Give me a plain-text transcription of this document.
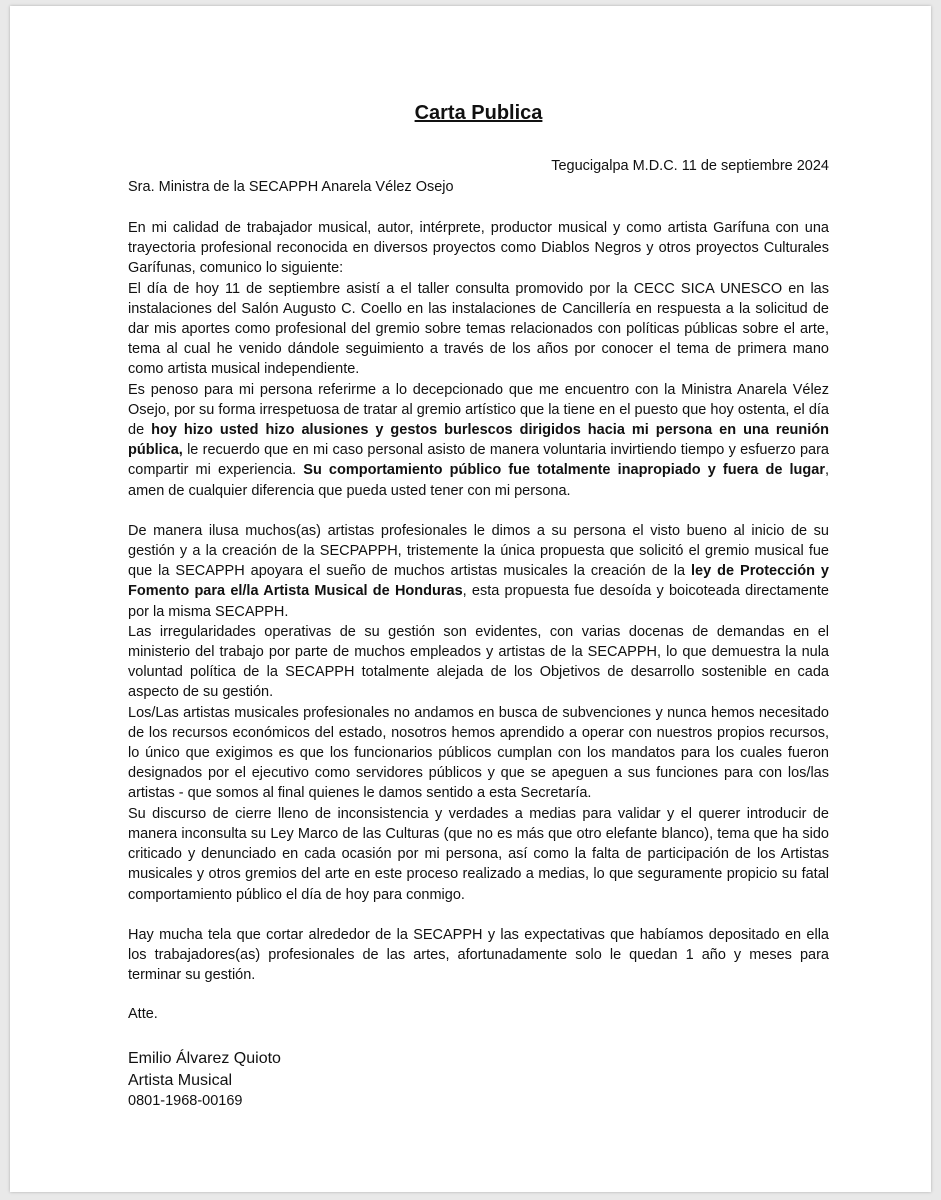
Carta Publica

Tegucigalpa M.D.C. 11 de septiembre 2024

Sra. Ministra de la SECAPPH Anarela Vélez Osejo

En mi calidad de trabajador musical, autor, intérprete, productor musical y como artista Garífuna con una trayectoria profesional reconocida en diversos proyectos como Diablos Negros y otros proyectos Culturales Garífunas, comunico lo siguiente:

El día de hoy 11 de septiembre asistí a el taller consulta promovido por la CECC SICA UNESCO en las instalaciones del Salón Augusto C. Coello en las instalaciones de Cancillería en respuesta a la solicitud de dar mis aportes como profesional del gremio sobre temas relacionados con políticas públicas sobre el arte, tema al cual he venido dándole seguimiento a través de los años por conocer el tema de primera mano como artista musical independiente.

Es penoso para mi persona referirme a lo decepcionado que me encuentro con la Ministra Anarela Vélez Osejo, por su forma irrespetuosa de tratar al gremio artístico que la tiene en el puesto que hoy ostenta, el día de hoy hizo usted hizo alusiones y gestos burlescos dirigidos hacia mi persona en una reunión pública, le recuerdo que en mi caso personal asisto de manera voluntaria invirtiendo tiempo y esfuerzo para compartir mi experiencia. Su comportamiento público fue totalmente inapropiado y fuera de lugar, amen de cualquier diferencia que pueda usted tener con mi persona.

De manera ilusa muchos(as) artistas profesionales le dimos a su persona el visto bueno al inicio de su gestión y a la creación de la SECPAPPH, tristemente la única propuesta que solicitó el gremio musical fue que la SECAPPH apoyara el sueño de muchos artistas musicales la creación de la ley de Protección y Fomento para el/la Artista Musical de Honduras, esta propuesta fue desoída y boicoteada directamente por la misma SECAPPH.

Las irregularidades operativas de su gestión son evidentes, con varias docenas de demandas en el ministerio del trabajo por parte de muchos empleados y artistas de la SECAPPH, lo que demuestra la nula voluntad política de la SECAPPH totalmente alejada de los Objetivos de desarrollo sostenible en cada aspecto de su gestión.

Los/Las artistas musicales profesionales no andamos en busca de subvenciones y nunca hemos necesitado de los recursos económicos del estado, nosotros hemos aprendido a operar con nuestros propios recursos, lo único que exigimos es que los funcionarios públicos cumplan con los mandatos para los cuales fueron designados por el ejecutivo como servidores públicos y que se apeguen a sus funciones para con los/las artistas - que somos al final quienes le damos sentido a esta Secretaría.

Su discurso de cierre lleno de inconsistencia y verdades a medias para validar y el querer introducir de manera inconsulta su Ley Marco de las Culturas (que no es más que otro elefante blanco), tema que ha sido criticado y denunciado en cada ocasión por mi persona, así como la falta de participación de los Artistas musicales y otros gremios del arte en este proceso realizado a medias, lo que seguramente propicio su fatal comportamiento público el día de hoy para conmigo.

Hay mucha tela que cortar alrededor de la SECAPPH y las expectativas que habíamos depositado en ella los trabajadores(as) profesionales de las artes, afortunadamente solo le quedan 1 año y meses para terminar su gestión.

Atte.

Emilio Álvarez Quioto
Artista Musical
0801-1968-00169
